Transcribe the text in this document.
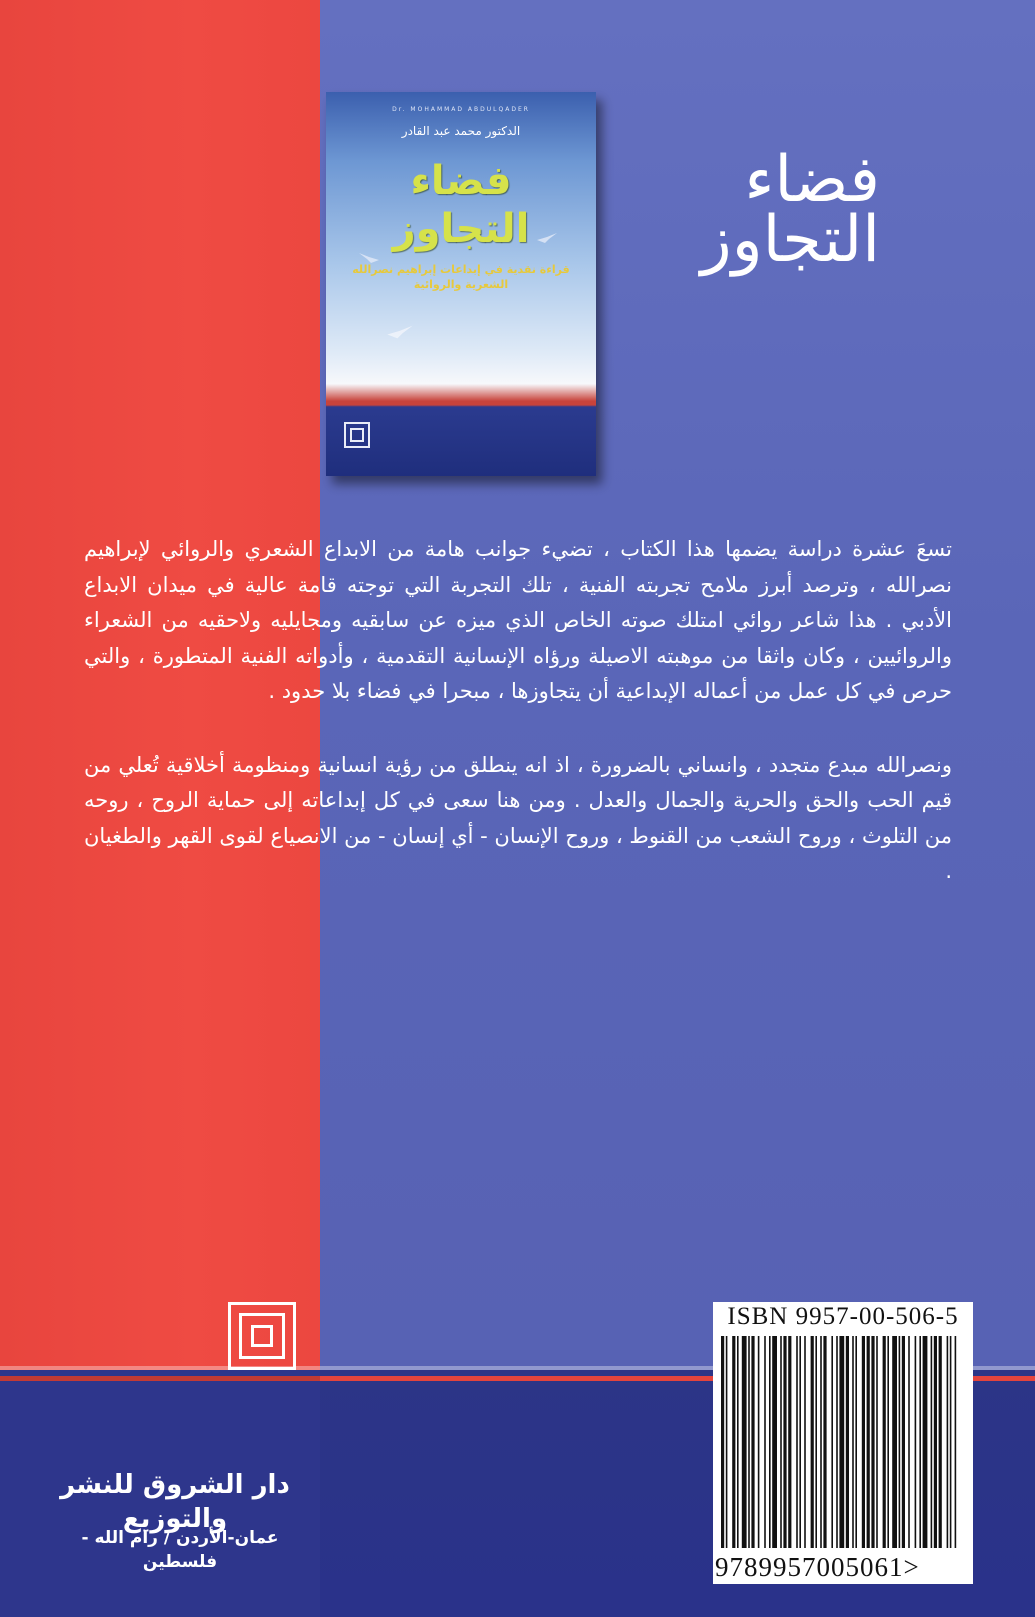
Dr. MOHAMMAD ABDULQADER
الدكتور محمد عبد القادر
فضاء
التجاوز
قراءة نقدية في إبداعات إبراهيم نصرالله الشعرية والروائية
فضاء
التجاوز

تسعَ عشرة دراسة يضمها هذا الكتاب ، تضيء جوانب هامة من الابداع الشعري والروائي لإبراهيم نصرالله ، وترصد أبرز ملامح تجربته الفنية ، تلك التجربة التي توجته قامة عالية في ميدان الابداع الأدبي . هذا شاعر روائي امتلك صوته الخاص الذي ميزه عن سابقيه ومجايليه ولاحقيه من الشعراء والروائيين ، وكان واثقا من موهبته الاصيلة ورؤاه الإنسانية التقدمية ، وأدواته الفنية المتطورة ، والتي حرص في كل عمل من أعماله الإبداعية أن يتجاوزها ، مبحرا في فضاء بلا حدود .

ونصرالله مبدع متجدد ، وانساني بالضرورة ، اذ انه ينطلق من رؤية انسانية ومنظومة أخلاقية تُعلي من قيم الحب والحق والحرية والجمال والعدل . ومن هنا سعى في كل إبداعاته إلى حماية الروح ، روحه من التلوث ، وروح الشعب من القنوط ، وروح الإنسان - أي إنسان - من الانصياع لقوى القهر والطغيان .

ISBN 9957-00-506-5
9789957005061>
دار الشروق للنشر والتوزيع
عمان-الأردن / رام الله - فلسطين
